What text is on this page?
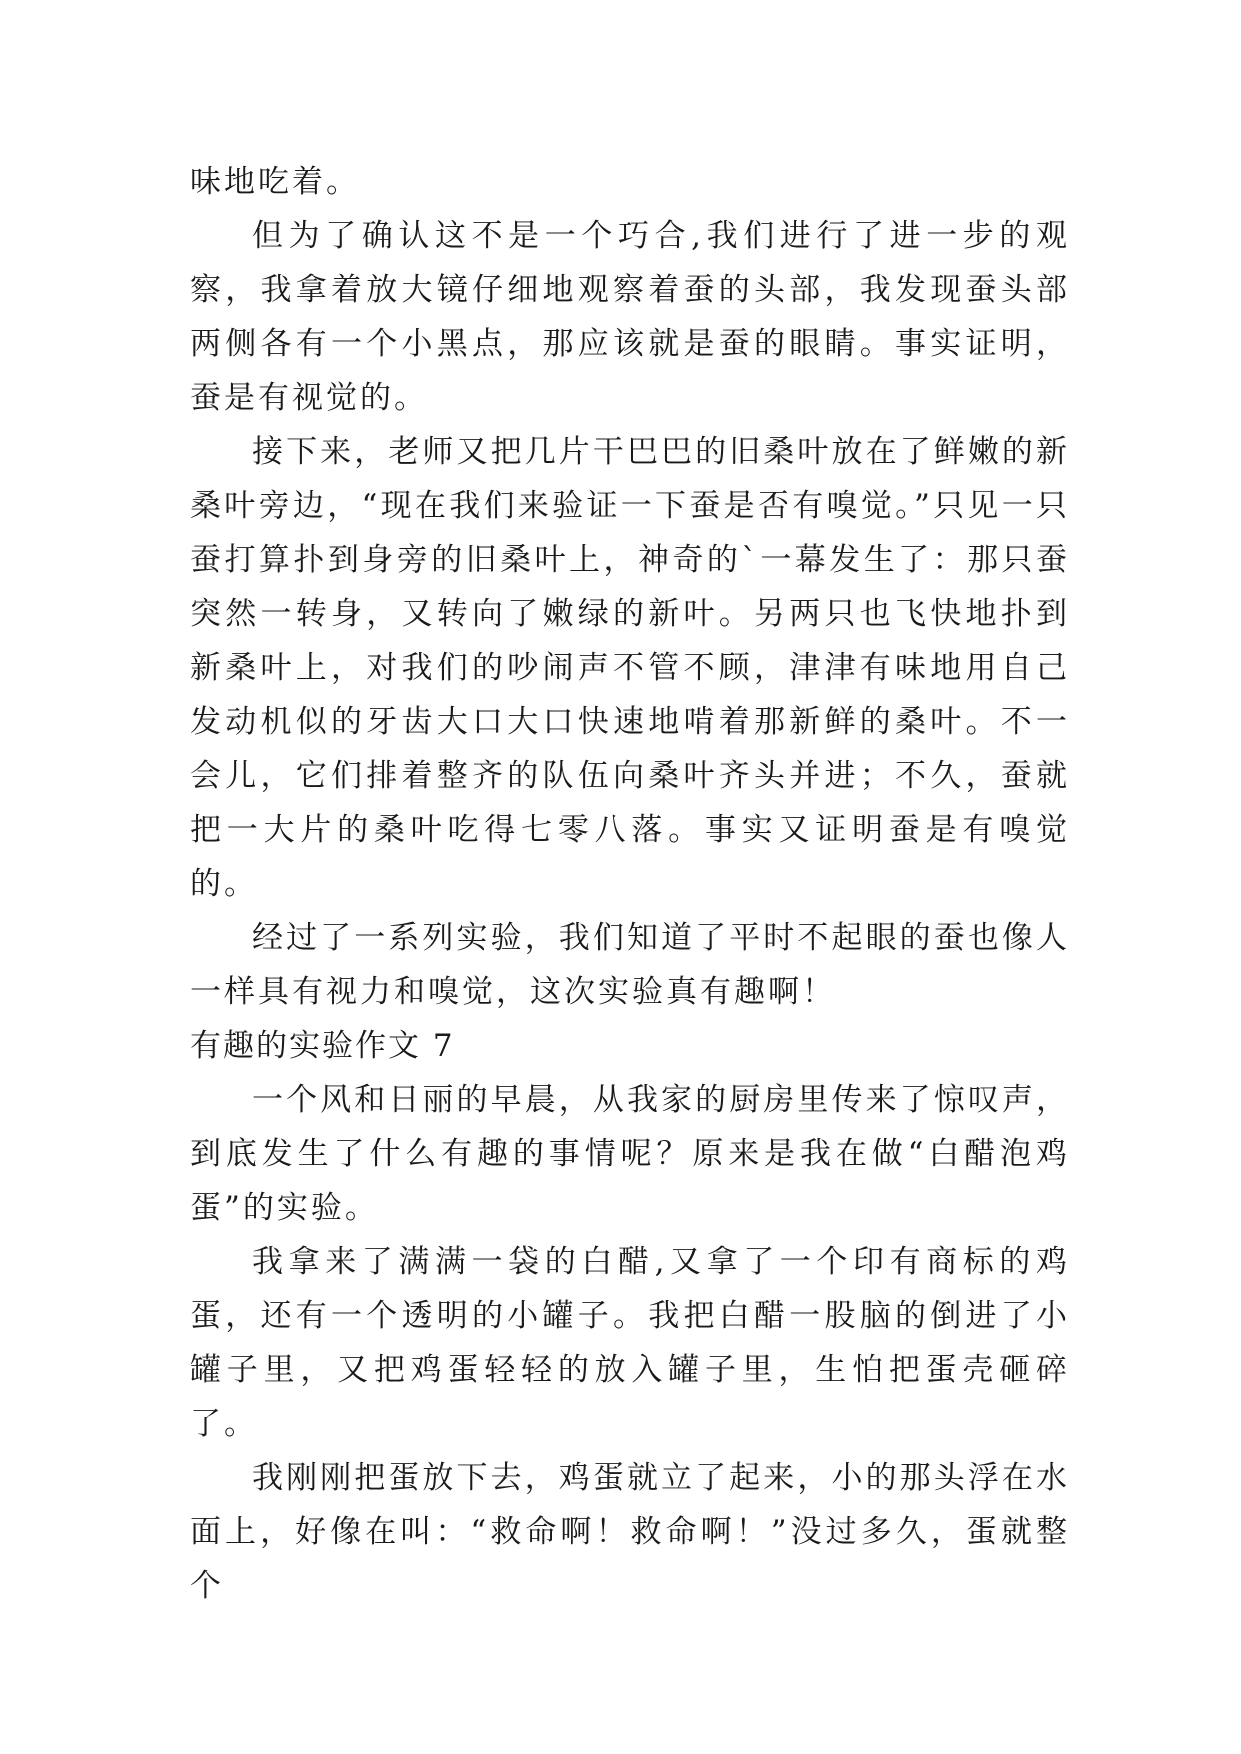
味地吃着。

但为了确认这不是一个巧合,我们进行了进一步的观察，我拿着放大镜仔细地观察着蚕的头部，我发现蚕头部两侧各有一个小黑点，那应该就是蚕的眼睛。事实证明，蚕是有视觉的。

接下来，老师又把几片干巴巴的旧桑叶放在了鲜嫩的新桑叶旁边，“现在我们来验证一下蚕是否有嗅觉。”只见一只蚕打算扑到身旁的旧桑叶上，神奇的`一幕发生了：那只蚕突然一转身，又转向了嫩绿的新叶。另两只也飞快地扑到新桑叶上，对我们的吵闹声不管不顾，津津有味地用自己发动机似的牙齿大口大口快速地啃着那新鲜的桑叶。不一会儿，它们排着整齐的队伍向桑叶齐头并进；不久，蚕就把一大片的桑叶吃得七零八落。事实又证明蚕是有嗅觉的。

经过了一系列实验，我们知道了平时不起眼的蚕也像人一样具有视力和嗅觉，这次实验真有趣啊！

有趣的实验作文 7

一个风和日丽的早晨，从我家的厨房里传来了惊叹声，到底发生了什么有趣的事情呢？原来是我在做“白醋泡鸡蛋”的实验。

我拿来了满满一袋的白醋,又拿了一个印有商标的鸡蛋，还有一个透明的小罐子。我把白醋一股脑的倒进了小罐子里，又把鸡蛋轻轻的放入罐子里，生怕把蛋壳砸碎了。

我刚刚把蛋放下去，鸡蛋就立了起来，小的那头浮在水面上，好像在叫：“救命啊！救命啊！”没过多久，蛋就整个
